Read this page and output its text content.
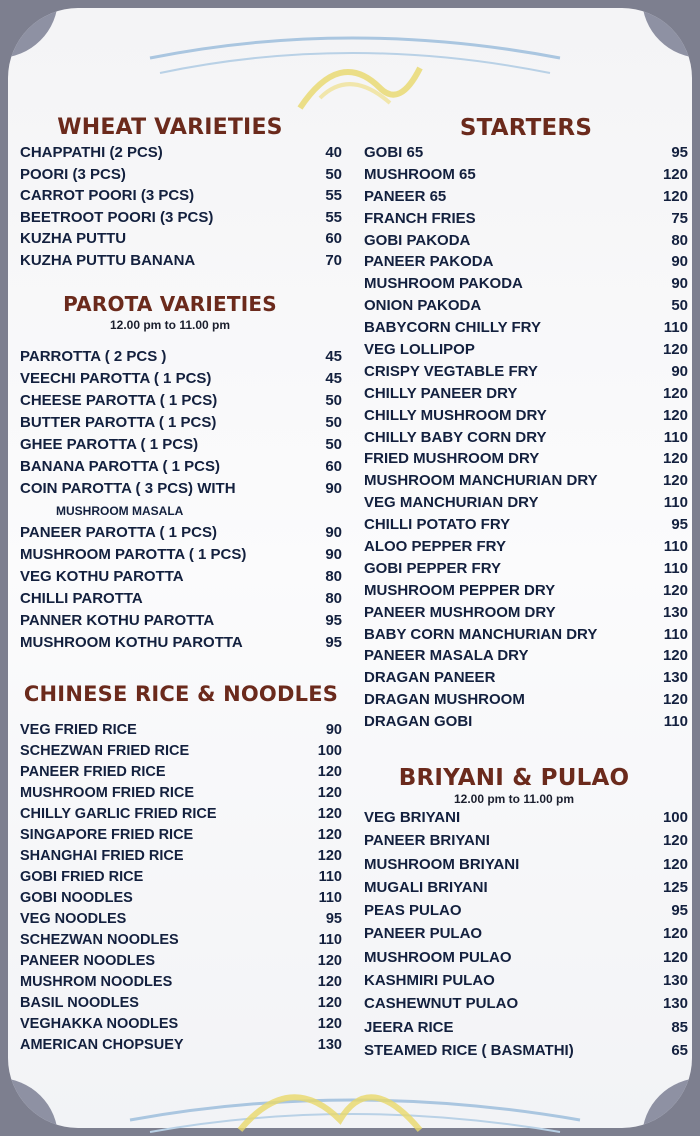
WHEAT VARIETIES
CHAPPATHI (2 PCS)	40
POORI (3 PCS)	50
CARROT POORI (3 PCS)	55
BEETROOT POORI (3 PCS)	55
KUZHA PUTTU	60
KUZHA PUTTU BANANA	70
PAROTA VARIETIES
12.00 pm to 11.00 pm
PARROTTA ( 2 PCS )	45
VEECHI PAROTTA ( 1 PCS)	45
CHEESE PAROTTA ( 1 PCS)	50
BUTTER PAROTTA ( 1 PCS)	50
GHEE PAROTTA ( 1 PCS)	50
BANANA PAROTTA ( 1 PCS)	60
COIN PAROTTA ( 3 PCS) WITH	90
MUSHROOM MASALA
PANEER PAROTTA ( 1 PCS)	90
MUSHROOM PAROTTA ( 1 PCS)	90
VEG KOTHU PAROTTA	80
CHILLI PAROTTA	80
PANNER KOTHU PAROTTA	95
MUSHROOM KOTHU PAROTTA	95
CHINESE RICE & NOODLES
VEG FRIED RICE	90
SCHEZWAN FRIED RICE	100
PANEER FRIED RICE	120
MUSHROOM FRIED RICE	120
CHILLY GARLIC FRIED RICE	120
SINGAPORE FRIED RICE	120
SHANGHAI FRIED RICE	120
GOBI FRIED RICE	110
GOBI NOODLES	110
VEG NOODLES	95
SCHEZWAN NOODLES	110
PANEER NOODLES	120
MUSHROM NOODLES	120
BASIL NOODLES	120
VEGHAKKA NOODLES	120
AMERICAN CHOPSUEY	130
STARTERS
GOBI 65	95
MUSHROOM 65	120
PANEER 65	120
FRANCH FRIES	75
GOBI PAKODA	80
PANEER PAKODA	90
MUSHROOM PAKODA	90
ONION PAKODA	50
BABYCORN CHILLY FRY	110
VEG LOLLIPOP	120
CRISPY VEGTABLE FRY	90
CHILLY PANEER DRY	120
CHILLY MUSHROOM DRY	120
CHILLY BABY CORN DRY	110
FRIED MUSHROOM DRY	120
MUSHROOM MANCHURIAN DRY	120
VEG MANCHURIAN DRY	110
CHILLI POTATO FRY	95
ALOO PEPPER FRY	110
GOBI PEPPER FRY	110
MUSHROOM PEPPER DRY	120
PANEER MUSHROOM DRY	130
BABY CORN MANCHURIAN DRY	110
PANEER MASALA DRY	120
DRAGAN PANEER	130
DRAGAN MUSHROOM	120
DRAGAN GOBI	110
BRIYANI & PULAO
12.00 pm to 11.00 pm
VEG BRIYANI	100
PANEER BRIYANI	120
MUSHROOM BRIYANI	120
MUGALI BRIYANI	125
PEAS PULAO	95
PANEER PULAO	120
MUSHROOM PULAO	120
KASHMIRI PULAO	130
CASHEWNUT PULAO	130
JEERA RICE	85
STEAMED RICE ( BASMATHI)	65
